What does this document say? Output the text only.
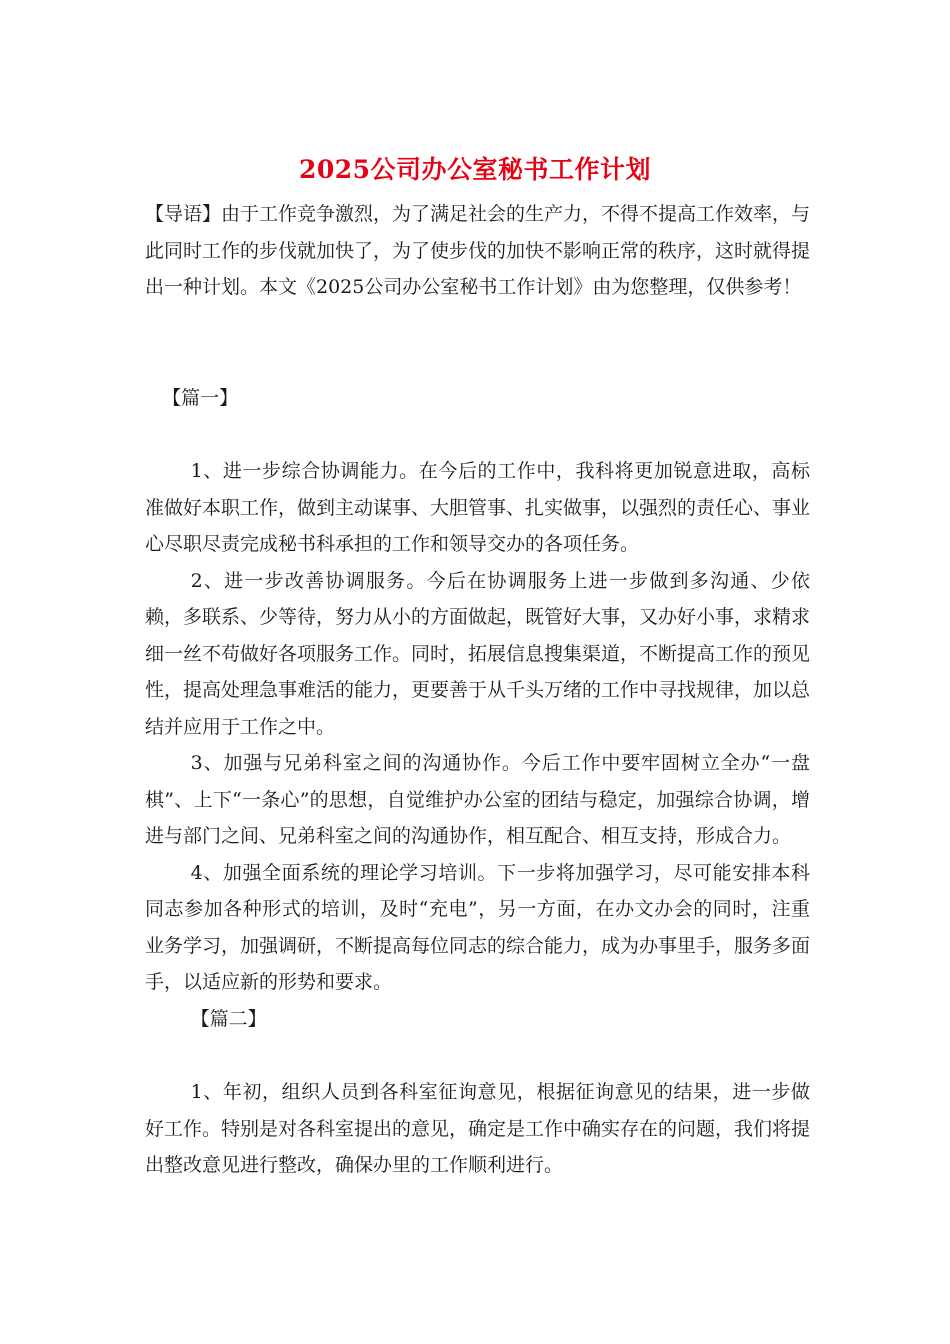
2025公司办公室秘书工作计划

【导语】由于工作竞争激烈，为了满足社会的生产力，不得不提高工作效率，与此同时工作的步伐就加快了，为了使步伐的加快不影响正常的秩序，这时就得提出一种计划。本文《2025公司办公室秘书工作计划》由为您整理，仅供参考！

【篇一】

1、进一步综合协调能力。在今后的工作中，我科将更加锐意进取，高标准做好本职工作，做到主动谋事、大胆管事、扎实做事，以强烈的责任心、事业心尽职尽责完成秘书科承担的工作和领导交办的各项任务。

2、进一步改善协调服务。今后在协调服务上进一步做到多沟通、少依赖，多联系、少等待，努力从小的方面做起，既管好大事，又办好小事，求精求细一丝不苟做好各项服务工作。同时，拓展信息搜集渠道，不断提高工作的预见性，提高处理急事难活的能力，更要善于从千头万绪的工作中寻找规律，加以总结并应用于工作之中。

3、加强与兄弟科室之间的沟通协作。今后工作中要牢固树立全办“一盘棋”、上下“一条心”的思想，自觉维护办公室的团结与稳定，加强综合协调，增进与部门之间、兄弟科室之间的沟通协作，相互配合、相互支持，形成合力。

4、加强全面系统的理论学习培训。下一步将加强学习，尽可能安排本科同志参加各种形式的培训，及时“充电”，另一方面，在办文办会的同时，注重业务学习，加强调研，不断提高每位同志的综合能力，成为办事里手，服务多面手，以适应新的形势和要求。

【篇二】

1、年初，组织人员到各科室征询意见，根据征询意见的结果，进一步做好工作。特别是对各科室提出的意见，确定是工作中确实存在的问题，我们将提出整改意见进行整改，确保办里的工作顺利进行。
